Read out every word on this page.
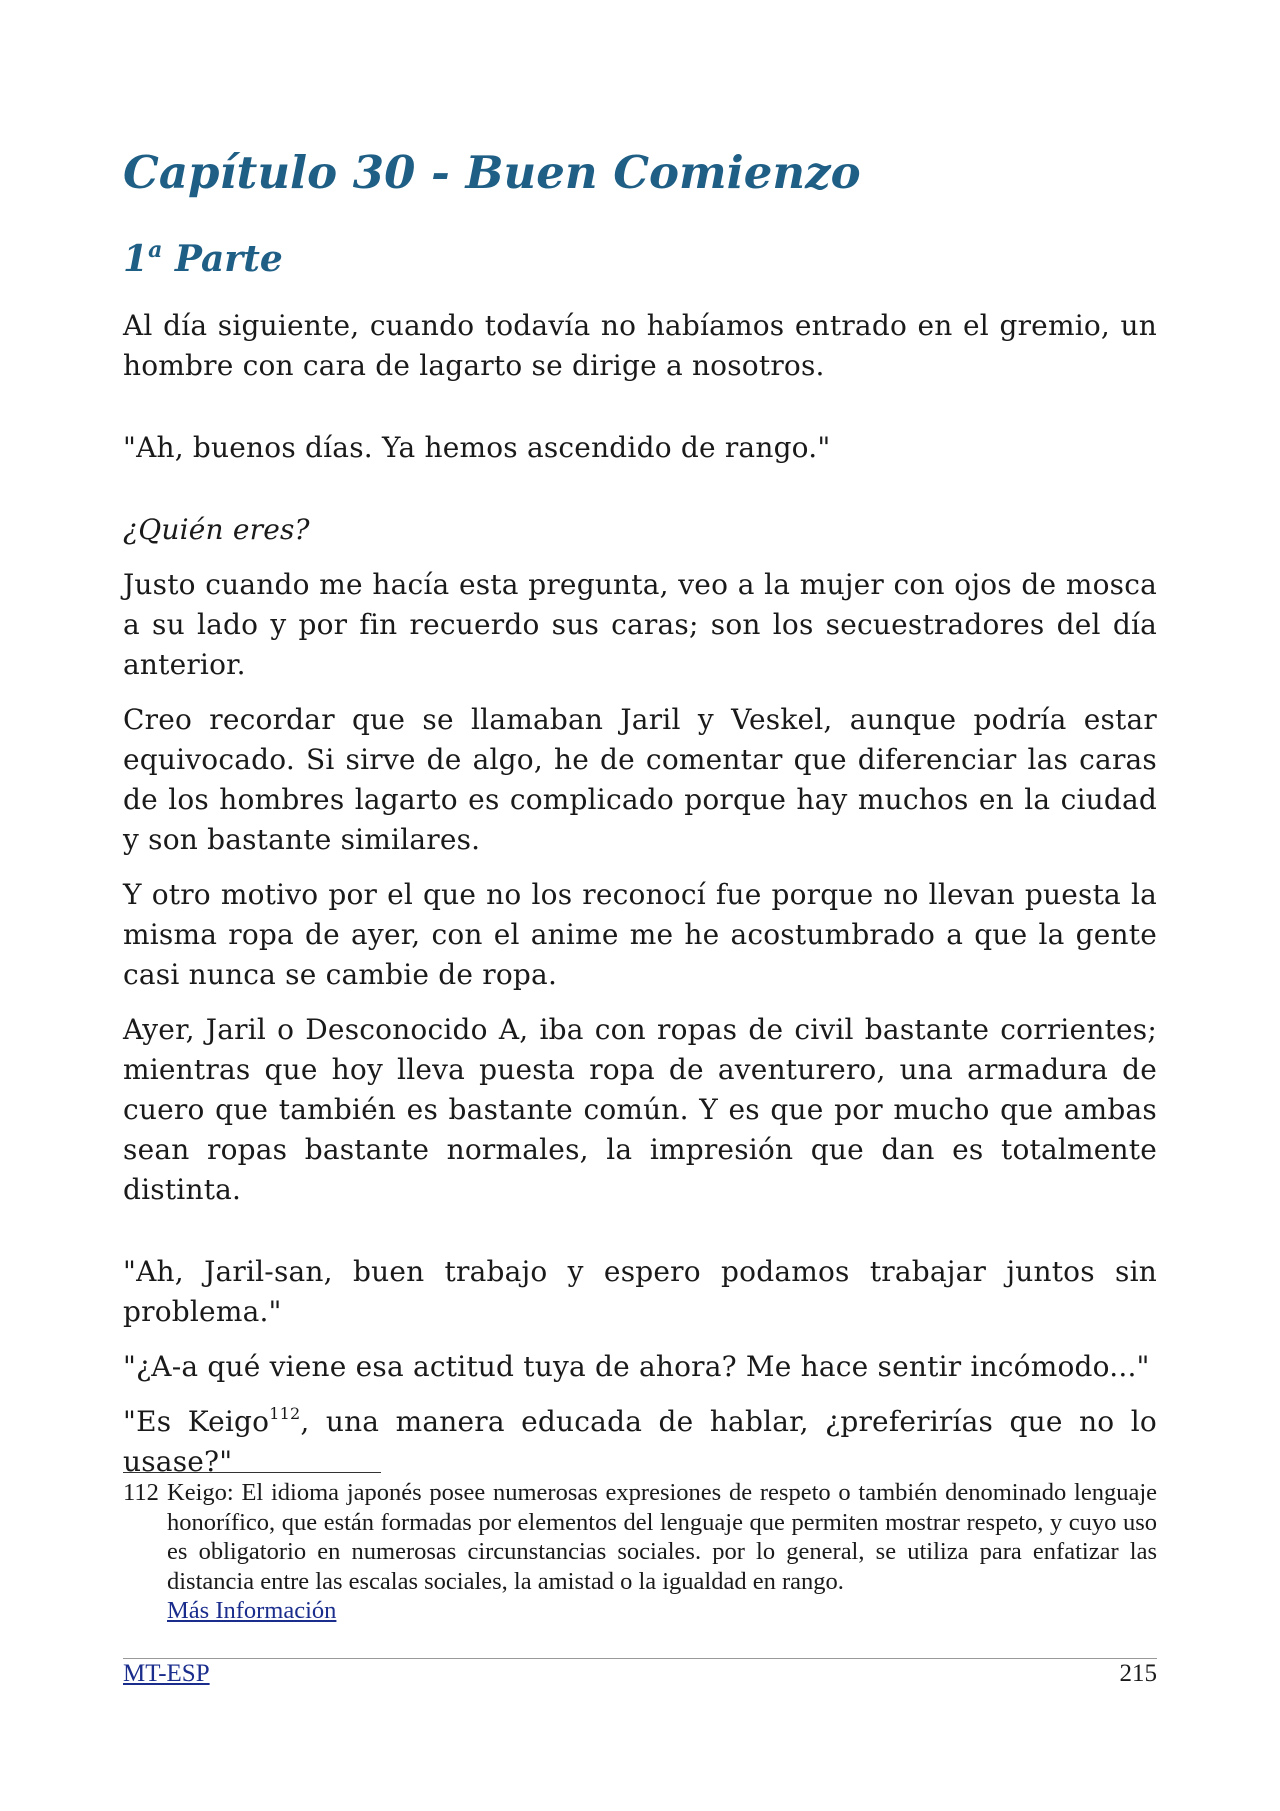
Capítulo 30 - Buen Comienzo
1$^a$ Parte

Al día siguiente, cuando todavía no habíamos entrado en el gremio, un hombre con cara de lagarto se dirige a nosotros.

"Ah, buenos días. Ya hemos ascendido de rango."

¿Quién eres?

Justo cuando me hacía esta pregunta, veo a la mujer con ojos de mosca a su lado y por fin recuerdo sus caras; son los secuestradores del día anterior.

Creo recordar que se llamaban Jaril y Veskel, aunque podría estar equivocado. Si sirve de algo, he de comentar que diferenciar las caras de los hombres lagarto es complicado porque hay muchos en la ciudad y son bastante similares.

Y otro motivo por el que no los reconocí fue porque no llevan puesta la misma ropa de ayer, con el anime me he acostumbrado a que la gente casi nunca se cambie de ropa.

Ayer, Jaril o Desconocido A, iba con ropas de civil bastante corrientes; mientras que hoy lleva puesta ropa de aventurero, una armadura de cuero que también es bastante común. Y es que por mucho que ambas sean ropas bastante normales, la impresión que dan es totalmente distinta.

"Ah, Jaril-san, buen trabajo y espero podamos trabajar juntos sin problema."

"¿A-a qué viene esa actitud tuya de ahora? Me hace sentir incómodo..."

"Es Keigo$^{112}$, una manera educada de hablar, ¿preferirías que no lo usase?"

112 Keigo: El idioma japonés posee numerosas expresiones de respeto o también denominado lenguaje honorífico, que están formadas por elementos del lenguaje que permiten mostrar respeto, y cuyo uso es obligatorio en numerosas circunstancias sociales. por lo general, se utiliza para enfatizar las distancia entre las escalas sociales, la amistad o la igualdad en rango.
Más Información
MT-ESP	215
